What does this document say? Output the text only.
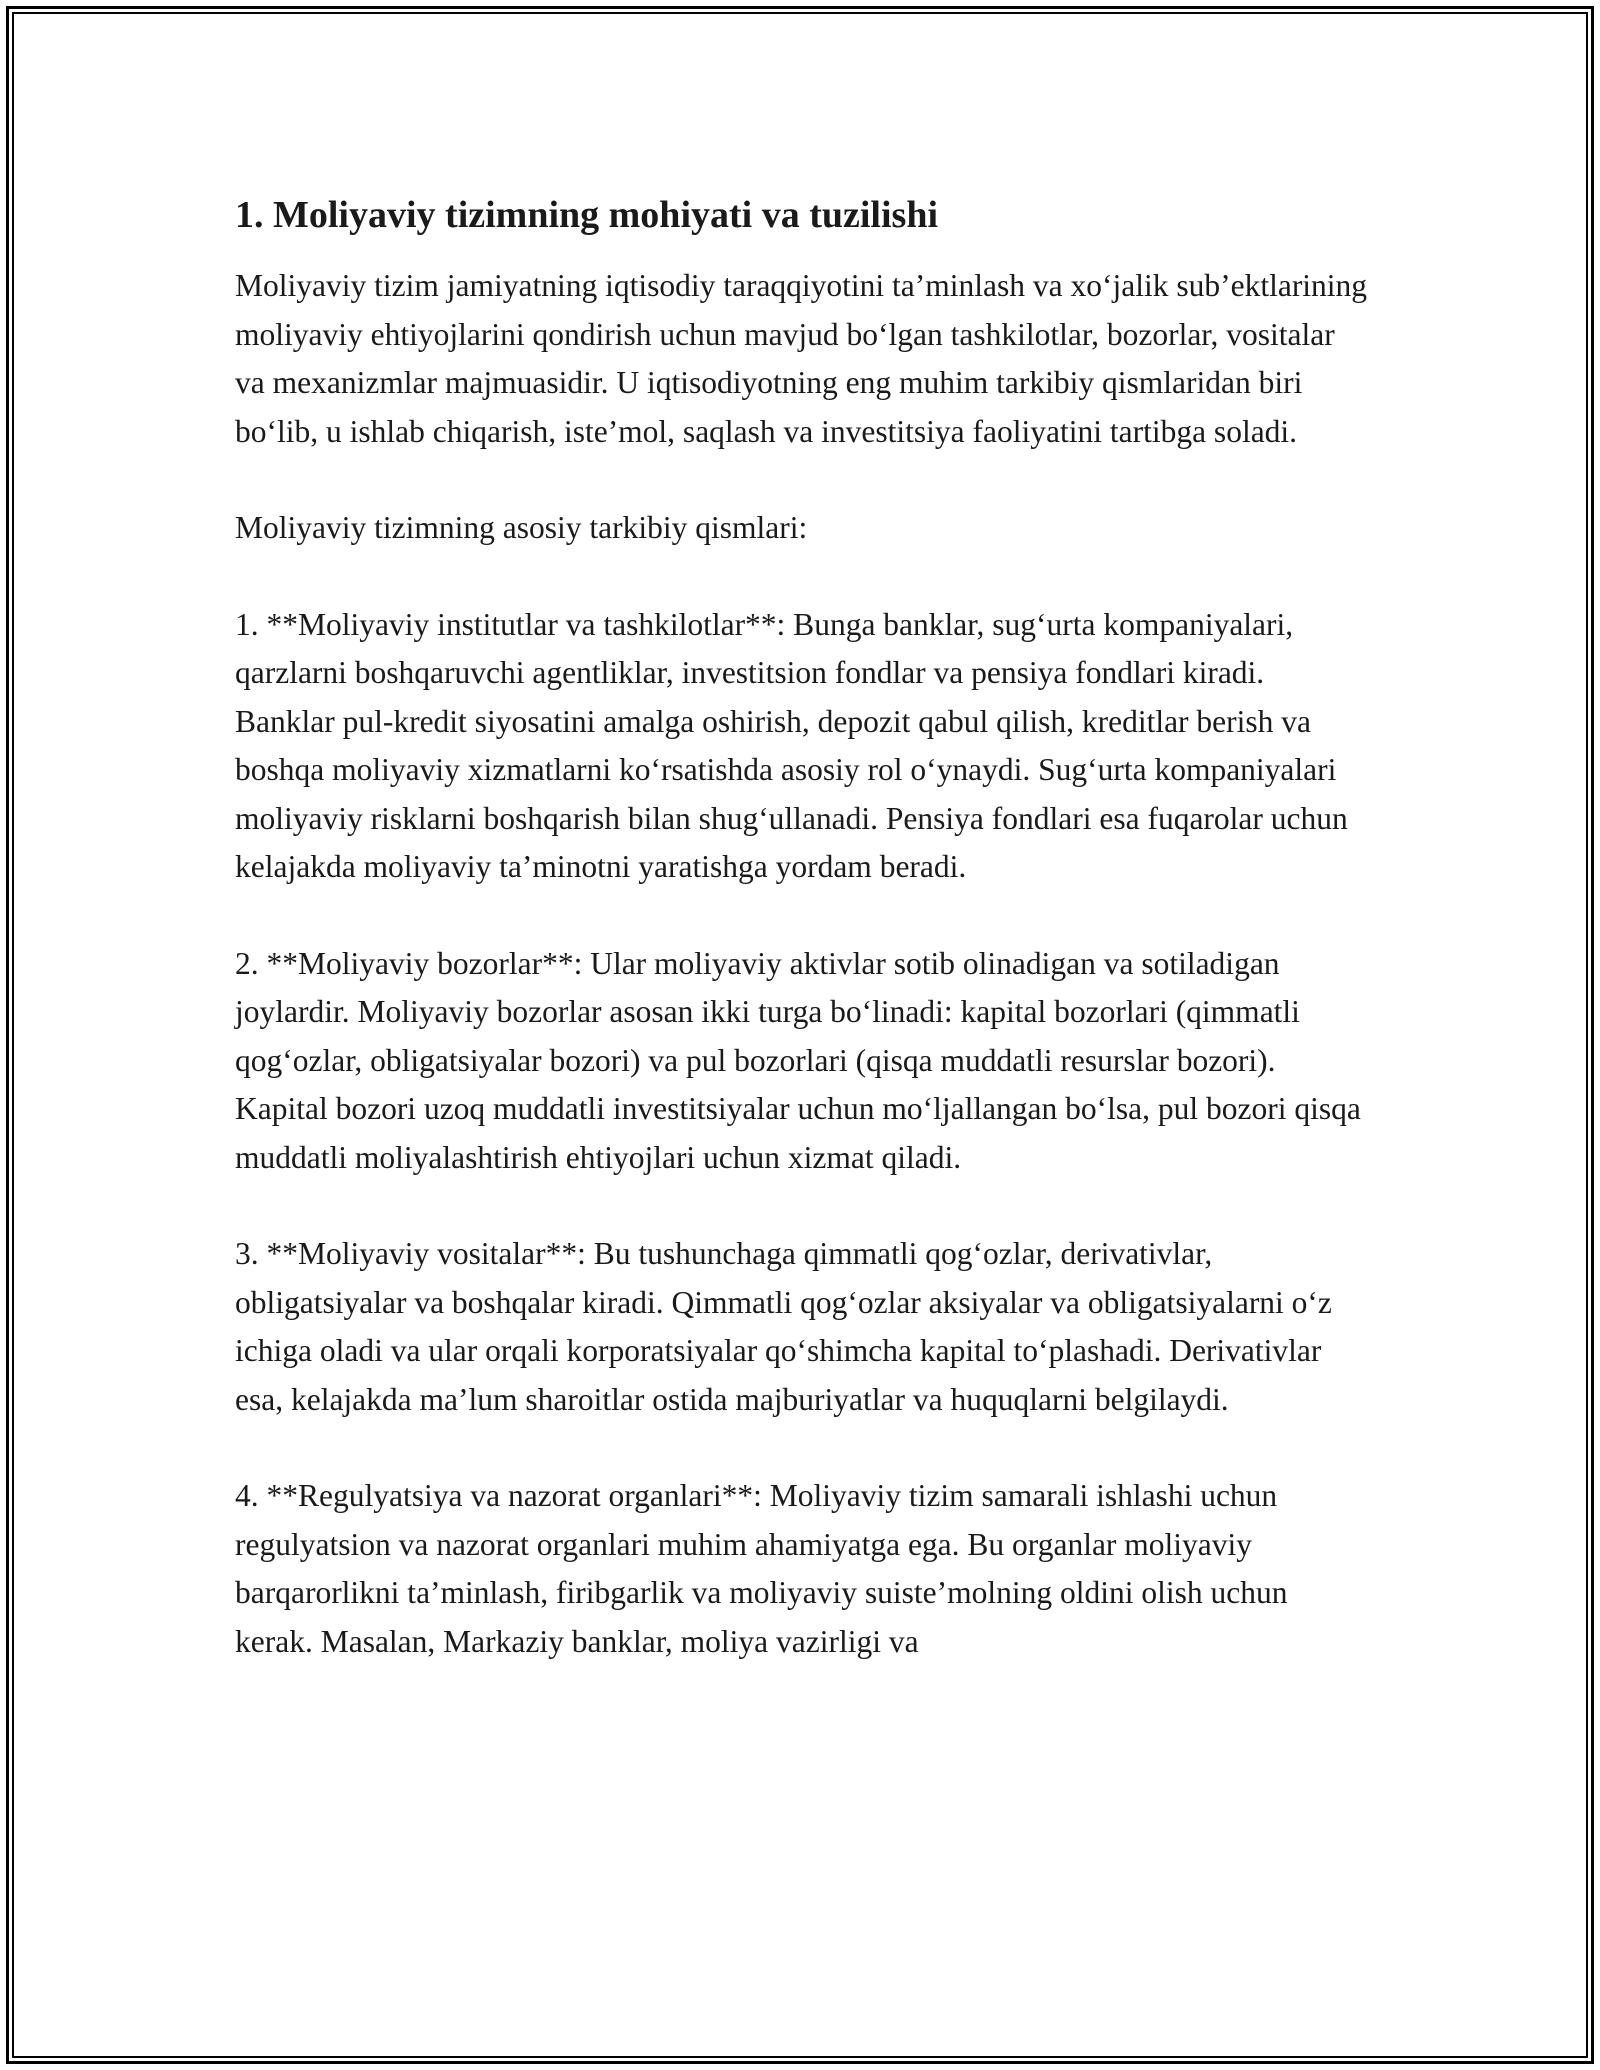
1. Moliyaviy tizimning mohiyati va tuzilishi

Moliyaviy tizim jamiyatning iqtisodiy taraqqiyotini ta’minlash va xo‘jalik sub’ektlarining moliyaviy ehtiyojlarini qondirish uchun mavjud bo‘lgan tashkilotlar, bozorlar, vositalar va mexanizmlar majmuasidir. U iqtisodiyotning eng muhim tarkibiy qismlaridan biri bo‘lib, u ishlab chiqarish, iste’mol, saqlash va investitsiya faoliyatini tartibga soladi.

Moliyaviy tizimning asosiy tarkibiy qismlari:

1. **Moliyaviy institutlar va tashkilotlar**: Bunga banklar, sug‘urta kompaniyalari, qarzlarni boshqaruvchi agentliklar, investitsion fondlar va pensiya fondlari kiradi. Banklar pul-kredit siyosatini amalga oshirish, depozit qabul qilish, kreditlar berish va boshqa moliyaviy xizmatlarni ko‘rsatishda asosiy rol o‘ynaydi. Sug‘urta kompaniyalari moliyaviy risklarni boshqarish bilan shug‘ullanadi. Pensiya fondlari esa fuqarolar uchun kelajakda moliyaviy ta’minotni yaratishga yordam beradi.

2. **Moliyaviy bozorlar**: Ular moliyaviy aktivlar sotib olinadigan va sotiladigan joylardir. Moliyaviy bozorlar asosan ikki turga bo‘linadi: kapital bozorlari (qimmatli qog‘ozlar, obligatsiyalar bozori) va pul bozorlari (qisqa muddatli resurslar bozori). Kapital bozori uzoq muddatli investitsiyalar uchun mo‘ljallangan bo‘lsa, pul bozori qisqa muddatli moliyalashtirish ehtiyojlari uchun xizmat qiladi.

3. **Moliyaviy vositalar**: Bu tushunchaga qimmatli qog‘ozlar, derivativlar, obligatsiyalar va boshqalar kiradi. Qimmatli qog‘ozlar aksiyalar va obligatsiyalarni o‘z ichiga oladi va ular orqali korporatsiyalar qo‘shimcha kapital to‘plashadi. Derivativlar esa, kelajakda ma’lum sharoitlar ostida majburiyatlar va huquqlarni belgilaydi.

4. **Regulyatsiya va nazorat organlari**: Moliyaviy tizim samarali ishlashi uchun regulyatsion va nazorat organlari muhim ahamiyatga ega. Bu organlar moliyaviy barqarorlikni ta’minlash, firibgarlik va moliyaviy suiste’molning oldini olish uchun kerak. Masalan, Markaziy banklar, moliya vazirligi va
